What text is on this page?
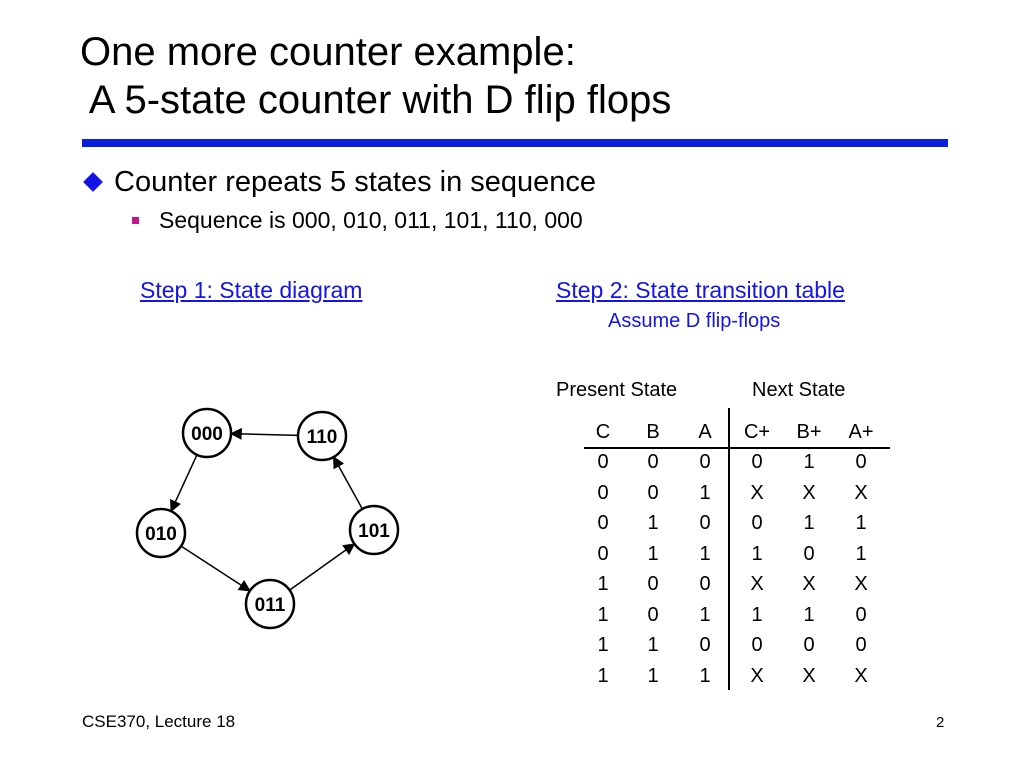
One more counter example:
A 5-state counter with D flip flops
Counter repeats 5 states in sequence
Sequence is 000, 010, 011, 101, 110, 000
Step 1: State diagram	Step 2: State transition table
Assume D flip-flops
000	110
101
011
010
Present State	Next State
C	B	A	C+ B+ A+
0	0	0	0	1	0
0	0	1	X	X	X
0	1	0	0	1	1
0	1	1	1	0	1
1	0	0	X	X	X
1	0	1	1	1	0
1	1	0	0	0	0
1	1	1	X	X	X
CSE370, Lecture 18	2
